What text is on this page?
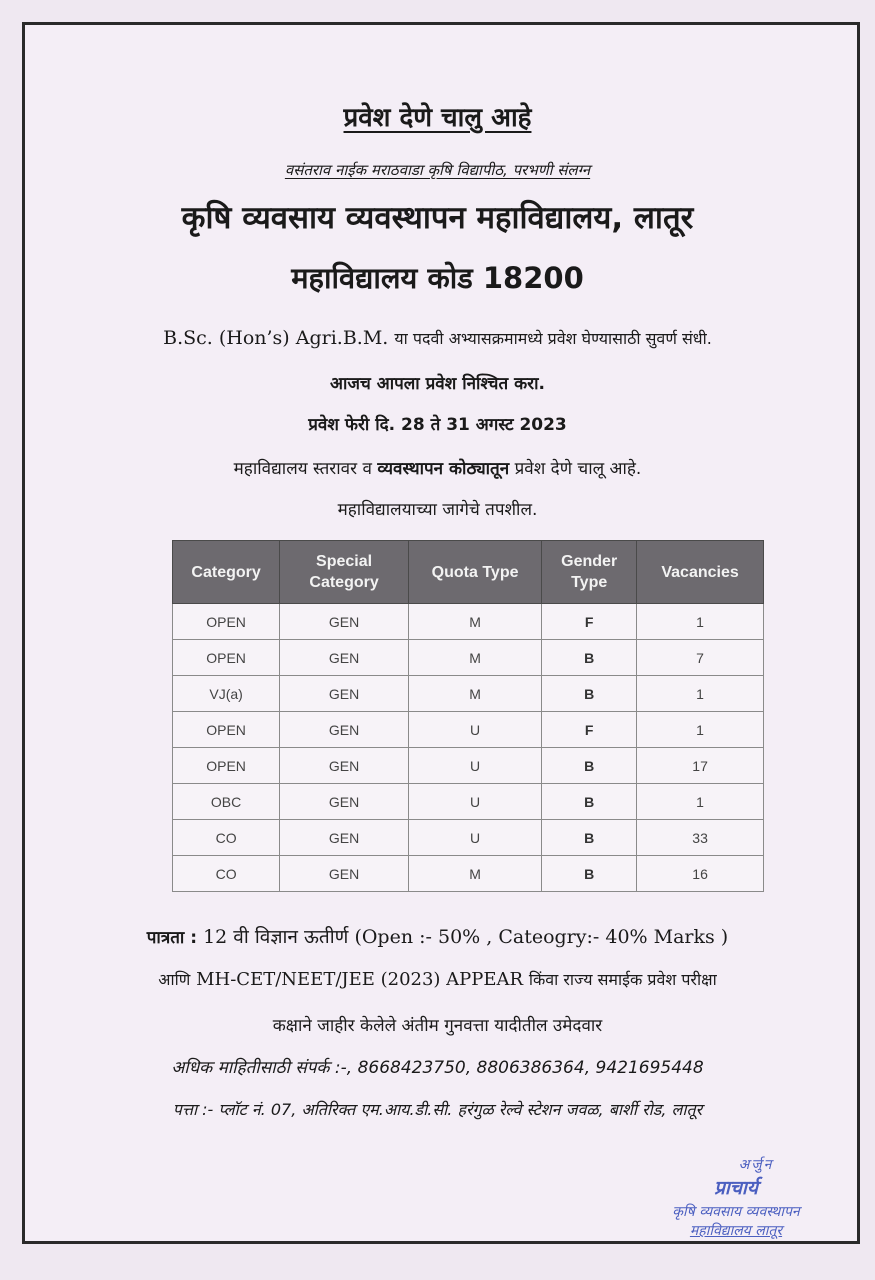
प्रवेश देणे चालु आहे
वसंतराव नाईक मराठवाडा कृषि विद्यापीठ, परभणी संलग्न
कृषि व्यवसाय व्यवस्थापन महाविद्यालय, लातूर
महाविद्यालय कोड 18200
B.Sc. (Hon’s) Agri.B.M. या पदवी अभ्यासक्रमामध्ये प्रवेश घेण्यासाठी सुवर्ण संधी.
आजच आपला प्रवेश निश्चित करा.
प्रवेश फेरी दि. 28 ते 31 अगस्ट 2023
महाविद्यालय स्तरावर व व्यवस्थापन कोठ्यातून प्रवेश देणे चालू आहे.
महाविद्यालयाच्या जागेचे तपशील.
Category	Special Category	Quota Type	Gender Type	Vacancies
OPEN	GEN	M	F	1
OPEN	GEN	M	B	7
VJ(a)	GEN	M	B	1
OPEN	GEN	U	F	1
OPEN	GEN	U	B	17
OBC	GEN	U	B	1
CO	GEN	U	B	33
CO	GEN	M	B	16
पात्रता : 12 वी विज्ञान ऊतीर्ण (Open :- 50% , Cateogry:- 40% Marks )
आणि MH-CET/NEET/JEE (2023) APPEAR किंवा राज्य समाईक प्रवेश परीक्षा
कक्षाने जाहीर केलेले अंतीम गुनवत्ता यादीतील उमेदवार
अधिक माहितीसाठी संपर्क :-, 8668423750, 8806386364, 9421695448
पत्ता :- प्लॉट नं. 07, अतिरिक्त एम.आय.डी.सी. हरंगुळ रेल्वे स्टेशन जवळ, बार्शी रोड, लातूर
अर्जुन
प्राचार्य
कृषि व्यवसाय व्यवस्थापन
महाविद्यालय लातूर
